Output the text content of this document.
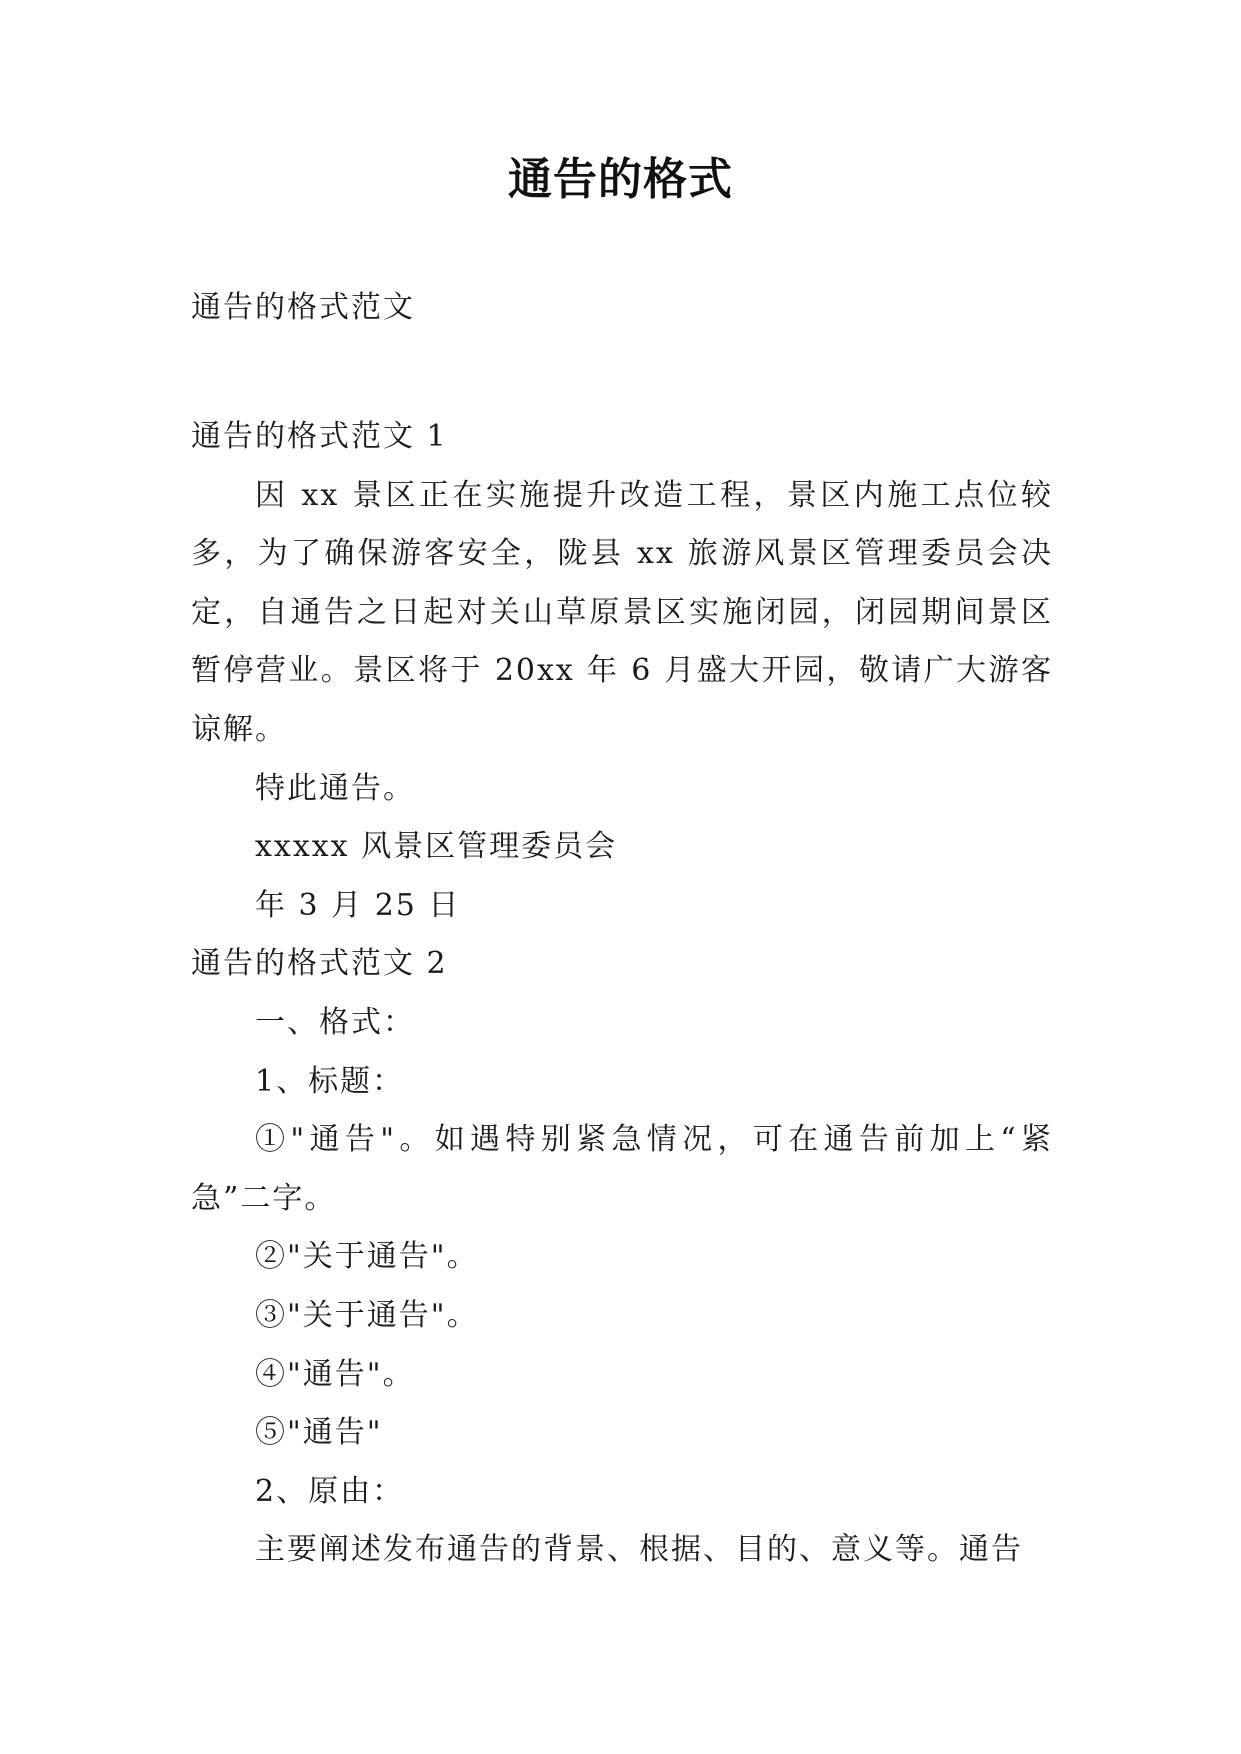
通告的格式
通告的格式范文

通告的格式范文 1

因 xx 景区正在实施提升改造工程，景区内施工点位较多，为了确保游客安全，陇县 xx 旅游风景区管理委员会决定，自通告之日起对关山草原景区实施闭园，闭园期间景区暂停营业。景区将于 20xx 年 6 月盛大开园，敬请广大游客谅解。

特此通告。

xxxxx 风景区管理委员会

年 3 月 25 日

通告的格式范文 2

一、格式：

1、标题：

①"通告"。如遇特别紧急情况，可在通告前加上“紧急”二字。

②"关于通告"。

③"关于通告"。

④"通告"。

⑤"通告"

2、原由：

主要阐述发布通告的背景、根据、目的、意义等。通告
